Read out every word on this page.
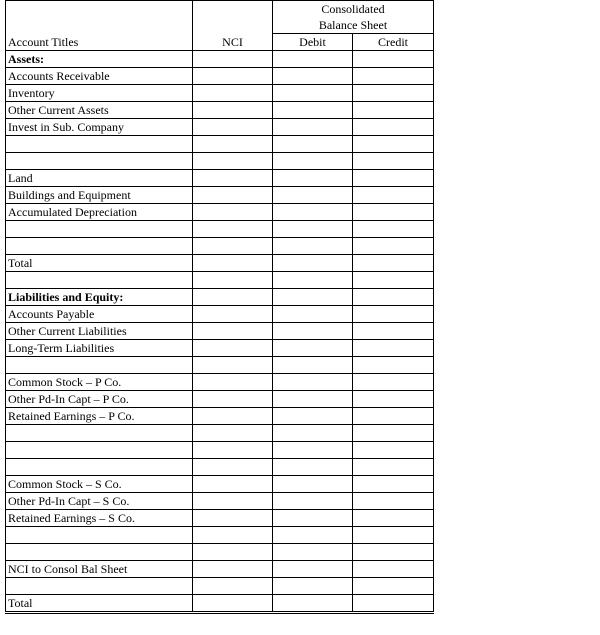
		Consolidated	
		Balance Sheet	
Account Titles	NCI	Debit	Credit
Assets:			
Accounts Receivable			
Inventory			
Other Current Assets			
Invest in Sub. Company			

Land			
Buildings and Equipment			
Accumulated Depreciation			

Total			

Liabilities and Equity:			
Accounts Payable			
Other Current Liabilities			
Long-Term Liabilities			

Common Stock – P Co.			
Other Pd-In Capt – P Co.			
Retained Earnings – P Co.			

Common Stock – S Co.			
Other Pd-In Capt – S Co.			
Retained Earnings – S Co.			

NCI to Consol Bal Sheet			

Total			
